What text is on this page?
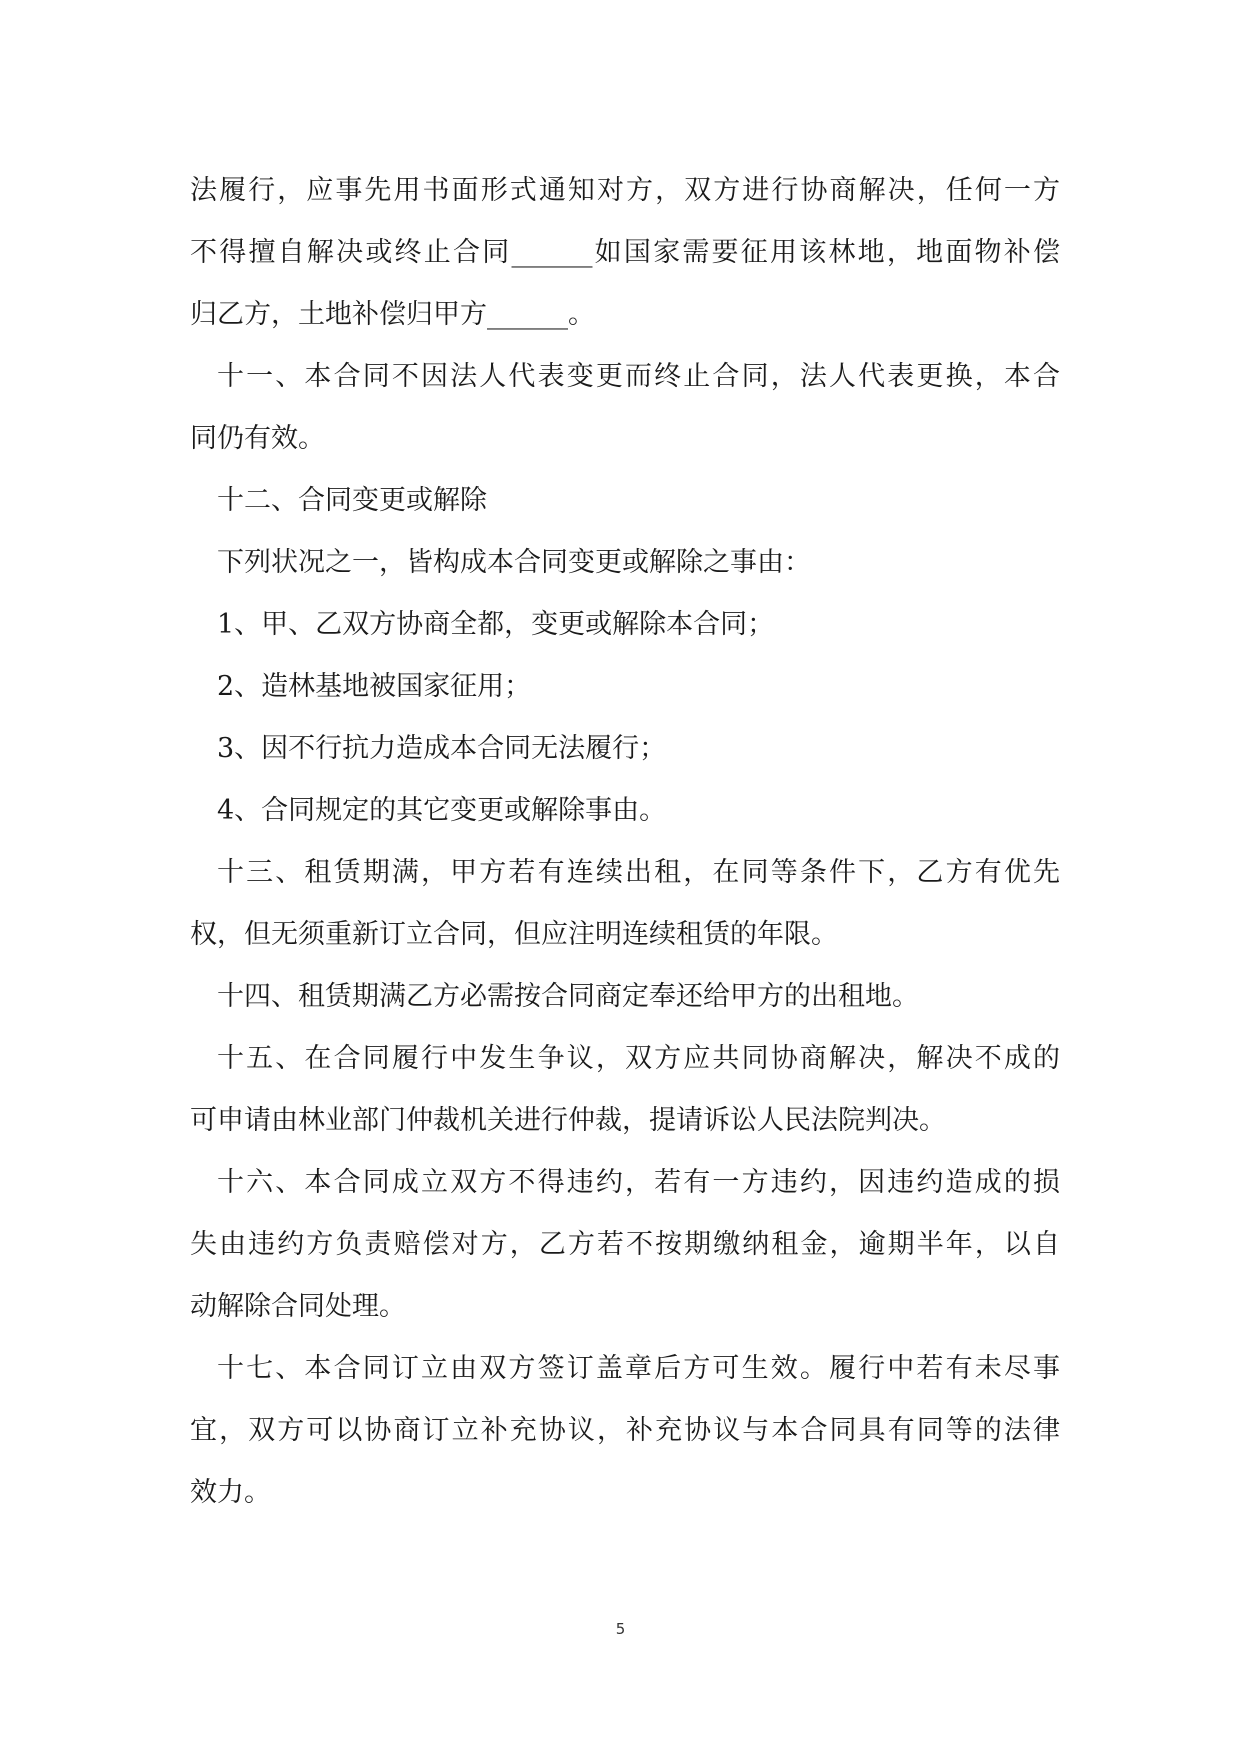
法履行，应事先用书面形式通知对方，双方进行协商解决，任何一方
不得擅自解决或终止合同______如国家需要征用该林地，地面物补偿
归乙方，土地补偿归甲方______。
十一、本合同不因法人代表变更而终止合同，法人代表更换，本合
同仍有效。
十二、合同变更或解除
下列状况之一，皆构成本合同变更或解除之事由：
1、甲、乙双方协商全都，变更或解除本合同；
2、造林基地被国家征用；
3、因不行抗力造成本合同无法履行；
4、合同规定的其它变更或解除事由。
十三、租赁期满，甲方若有连续出租，在同等条件下，乙方有优先
权，但无须重新订立合同，但应注明连续租赁的年限。
十四、租赁期满乙方必需按合同商定奉还给甲方的出租地。
十五、在合同履行中发生争议，双方应共同协商解决，解决不成的
可申请由林业部门仲裁机关进行仲裁，提请诉讼人民法院判决。
十六、本合同成立双方不得违约，若有一方违约，因违约造成的损
失由违约方负责赔偿对方，乙方若不按期缴纳租金，逾期半年，以自
动解除合同处理。
十七、本合同订立由双方签订盖章后方可生效。履行中若有未尽事
宜，双方可以协商订立补充协议，补充协议与本合同具有同等的法律
效力。
5
